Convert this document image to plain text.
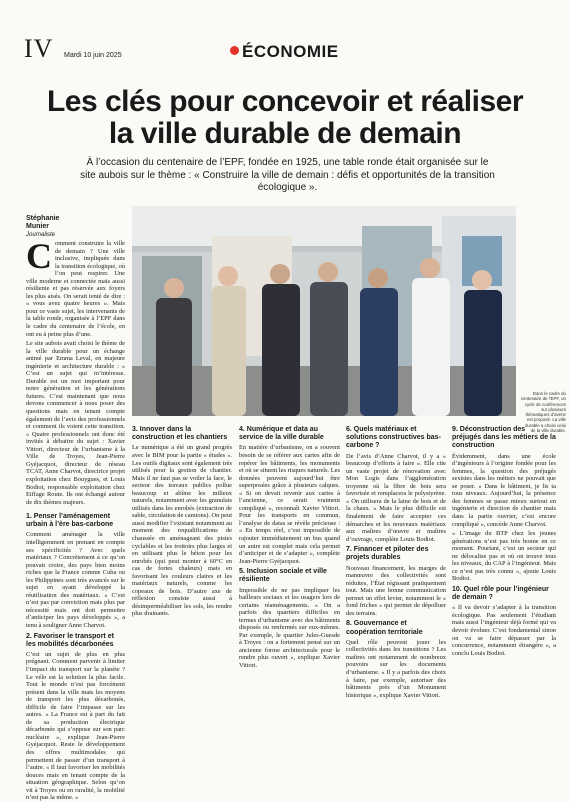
IV Mardi 10 juin 2025	ÉCONOMIE
Les clés pour concevoir et réaliser
la ville durable de demain
À l’occasion du centenaire de l’EPF, fondée en 1925, une table ronde était organisée sur le site aubois sur le thème : « Construire la ville de demain : défis et opportunités de la transition écologique ».
Stéphanie
Munier
Journaliste
Dans le cadre du centenaire de l’EPF, un cycle de conférences sur plusieurs thématiques d’avenir est proposé. La ville durable a choisi celui de la ville durable.

Comment construire la ville de demain ? Une ville inclusive, impliquée dans la transition écologique, où l’on peut respirer. Une ville moderne et connectée mais aussi résiliente et pas réservée aux foyers les plus aisés. On serait tenté de dire : « vous avez quatre heures ». Mais pour ce vaste sujet, les intervenants de la table ronde, organisée à l’EPF dans le cadre du centenaire de l’école, en ont eu à peine plus d’une.

Le site aubois avait choisi le thème de la ville durable pour un échange animé par Emma Leval, en majeure ingénierie et architecture durable : « C’est un sujet qui m’intéresse. Durable est un mot important pour notre génération et les générations futures. C’est maintenant que nous devons commencer à nous poser des questions mais en tenant compte également de l’avis des professionnels et comment ils voient cette transition. » Quatre professionnels ont donc été invités à débattre du sujet : Xavier Vittori, directeur de l’urbanisme à la Ville de Troyes, Jean-Pierre Gyéjacquot, directeur de réseau TCAT, Anne Charvot, directrice projet exploitation chez Bouygues, et Louis Bodiot, responsable exploitation chez Eiffage Route. Ils ont échangé autour de dix thèmes majeurs.

1. Penser l’aménagement urbain à l’ère bas-carbone

Comment aménager la ville intelligemment en prenant en compte ses spécificités ? Avec quels matériaux ? Concrètement à ce qu’on pouvait croire, des pays bien moins riches que la France comme Cuba ou les Philippines sont très avancés sur le sujet en ayant développé la réutilisation des matériaux. « C’est n’est pas par conviction mais plus par nécessité mais ont doit permettre d’anticiper les pays développés », a tenu à souligner Anne Charvot.

2. Favoriser le transport et les mobilités décarbonées

C’est un sujet de plus en plus prégnant. Comment parvenir à limiter l’impact du transport sur la planète ? Le vélo est la solution la plus facile. Tout le monde n’est pas forcément présent dans la ville mais les moyens de transport les plus décarbonés, difficile de faire l’impasse sur les autres. « La France est à part du fait de sa production électrique décarbonée qui s’oppose sur son parc nucléaire », explique Jean-Pierre Gyéjacquot. Reste le développement des offres multimodales qui permettent de passer d’un transport à l’autre. « Il faut favoriser les mobilités douces mais en tenant compte de la situation géographique. Selon qu’on vit à Troyes ou en ruralité, la mobilité n’est pas la même. »

3. Innover dans la construction et les chantiers

Le numérique a été un grand progrès avec le BIM pour la partie « études ». Les outils digitaux sont également très utilisés pour la gestion de chantier. Mais il ne faut pas se voiler la face, le secteur des travaux publics pollue beaucoup et abîme les milieux naturels, notamment avec les granulats utilisés dans les enrobés (extraction de sable, circulation de camions). On peut aussi modifier l’existant notamment au moment des requalifications de chaussée en aménageant des pistes cyclables et les trottoirs plus larges et en utilisant plus le béton pour les enrobés (qui peut monter à 60°C en cas de fortes chaleurs) mais en favorisant les couleurs claires et les matériaux naturels, comme les copeaux de bois. D’autre axe de réflexion consiste aussi à désimperméabiliser les sols, les rendre plus drainants.

4. Numérique et data au service de la ville durable

En matière d’urbanisme, on a souvent besoin de se référer aux cartes afin de repérer les bâtiments, les monuments et où se situent les risques naturels. Les données peuvent aujourd’hui être superposées grâce à plusieurs calques. « Si on devait revenir aux cartes à l’ancienne, ce serait vraiment compliqué », reconnaît Xavier Vittori. Pour les transports en commun, l’analyse de datas se révèle précieuse : « En temps réel, c’est impossible de rajouter immédiatement un bus quand un autre est complet mais cela permet d’anticiper et de s’adapter », complète Jean-Pierre Gyéjacquot.

5. Inclusion sociale et ville résiliente

Impossible de ne pas impliquer les bailleurs sociaux et les usagers lors de certains réaménagements. « On a parfois des quartiers difficiles en termes d’urbanisme avec des bâtiments disposés ou renfermés sur eux-mêmes. Par exemple, le quartier Jules-Guesde à Troyes : on a fortement pensé sur un ancienne forme architecturale pour le rendre plus ouvert », explique Xavier Vittori.

6. Quels matériaux et solutions constructives bas-carbone ?

De l’avis d’Anne Charvot, il y a « beaucoup d’efforts à faire ». Elle cite un vaste projet de rénovation avec Mon Logis dans l’agglomération troyenne où la fibre de bois sera favorisée et remplacera le polystyrène. « On utilisera de la laine de bois et de la chaux. » Mais le plus difficile est finalement de faire accepter ces démarches et les nouveaux matériaux aux maîtres d’œuvre et maîtres d’ouvrage, complète Louis Bodiot.

7. Financer et piloter des projets durables

Nouveau financement, les marges de manœuvre des collectivités sont réduites, l’État régissant pratiquement tout. Mais une bonne communication permet un effet levier, notamment le « fond friches » qui permet de dépolluer des terrains.

8. Gouvernance et coopération territoriale

Quel rôle peuvent jouer les collectivités dans les transitions ? Les maîtres ont notamment de nombreux pouvoirs sur les documents d’urbanisme. « Il y a parfois des choix à faire, par exemple, autoriser des bâtiments près d’un Monument historique », explique Xavier Vittori.

9. Déconstruction des préjugés dans les métiers de la construction

Évidemment, dans une école d’ingénieurs à l’origine fondée pour les femmes, la question des préjugés sexistes dans les métiers ne pouvait que se poser. « Dans le bâtiment, je lis ta tous niveaux. Aujourd’hui, la présence des femmes se passe mieux surtout en ingénierie et direction de chantier mais dans la partie ouvrier, c’est encore compliqué », concède Anne Charvot.

« L’image du BTP chez les jeunes générations n’est pas très bonne en ce moment. Pourtant, c’est un secteur qui ne délocalise pas et où on trouve tous les niveaux, du CAP à l’ingénieur. Mais ce n’est pas très connu », ajoute Louis Bodiot.

10. Quel rôle pour l’ingénieur de demain ?

« Il va devoir s’adapter à la transition écologique. Pas seulement l’étudiant mais aussi l’ingénieur déjà formé qui va devoir évoluer. C’est fondamental sinon on va se faire dépasser par la concurrence, notamment étrangère », a conclu Louis Bodiot.
